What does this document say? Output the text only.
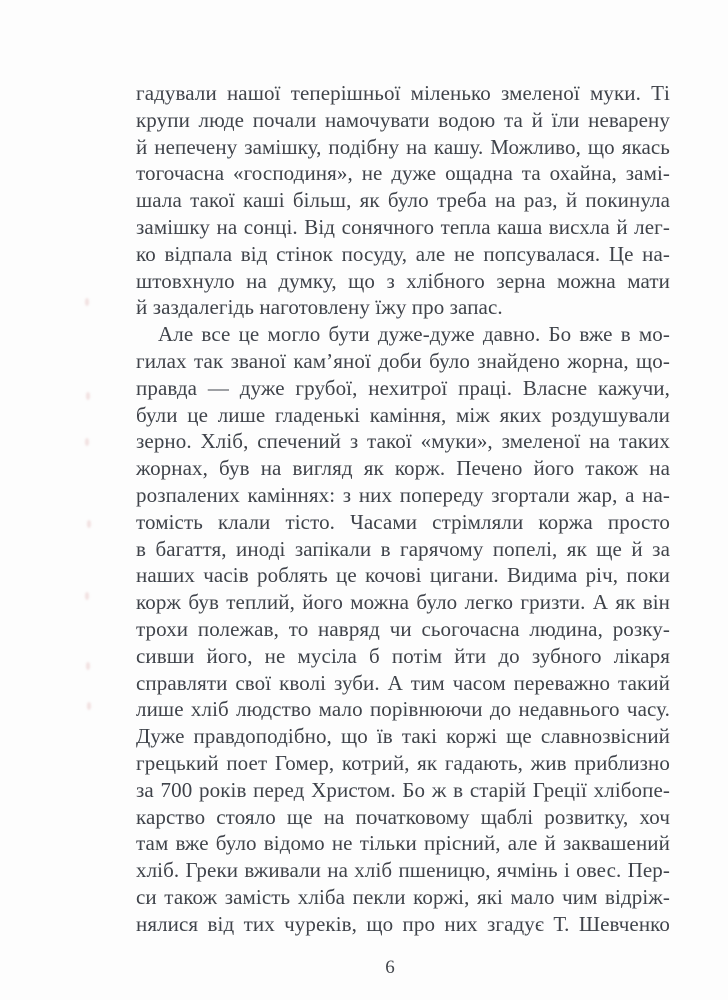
гадували нашої теперішньої міленько змеленої муки. Ті
крупи люде почали намочувати водою та й їли неварену
й непечену замішку, подібну на кашу. Можливо, що якась
тогочасна «господиня», не дуже ощадна та охайна, замі-
шала такої каші більш, як було треба на раз, й покинула
замішку на сонці. Від сонячного тепла каша висхла й лег-
ко відпала від стінок посуду, але не попсувалася. Це на-
штовхнуло на думку, що з хлібного зерна можна мати
й заздалегідь наготовлену їжу про запас.
Але все це могло бути дуже-дуже давно. Бо вже в мо-
гилах так званої кам’яної доби було знайдено жорна, що-
правда — дуже грубої, нехитрої праці. Власне кажучи,
були це лише гладенькі каміння, між яких роздушували
зерно. Хліб, спечений з такої «муки», змеленої на таких
жорнах, був на вигляд як корж. Печено його також на
розпалених каміннях: з них попереду згортали жар, а на-
томість клали тісто. Часами стрімляли коржа просто
в багаття, иноді запікали в гарячому попелі, як ще й за
наших часів роблять це кочові цигани. Видима річ, поки
корж був теплий, його можна було легко гризти. А як він
трохи полежав, то навряд чи сьогочасна людина, розку-
сивши його, не мусіла б потім йти до зубного лікаря
справляти свої кволі зуби. А тим часом переважно такий
лише хліб людство мало порівнюючи до недавнього часу.
Дуже правдоподібно, що їв такі коржі ще славнозвісний
грецький поет Гомер, котрий, як гадають, жив приблизно
за 700 років перед Христом. Бо ж в старій Греції хлібопе-
карство стояло ще на початковому щаблі розвитку, хоч
там вже було відомо не тільки прісний, але й заквашений
хліб. Греки вживали на хліб пшеницю, ячмінь і овес. Пер-
си також замість хліба пекли коржі, які мало чим відріж-
нялися від тих чуреків, що про них згадує Т. Шевченко
6
